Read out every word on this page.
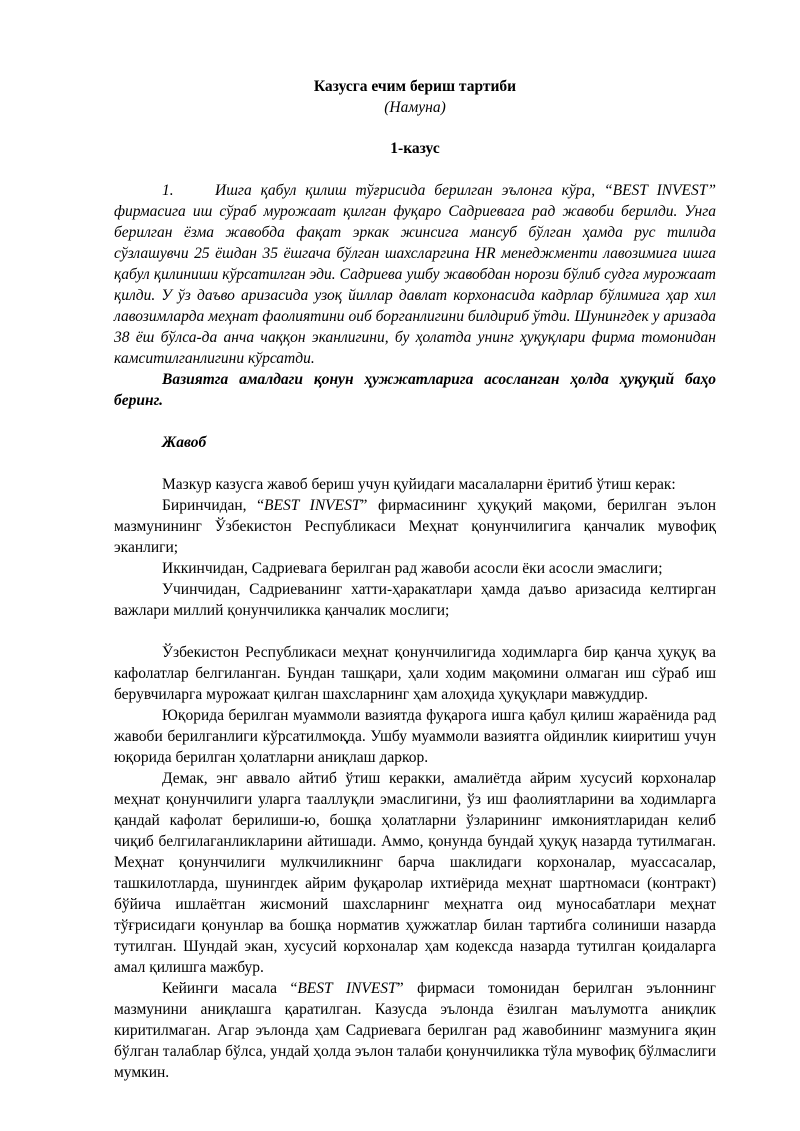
Казусга ечим бериш тартиби
(Намуна)
1-казус

1.	Ишга қабул қилиш тўғрисида берилган эълонга кўра, “BEST INVEST” фирмасига иш сўраб мурожаат қилган фуқаро Садриевага рад жавоби берилди. Унга берилган ёзма жавобда фақат эркак жинсига мансуб бўлган ҳамда рус тилида сўзлашувчи 25 ёшдан 35 ёшгача бўлган шахсларгина HR менеджменти лавозимига ишга қабул қилиниши кўрсатилган эди. Садриева ушбу жавобдан норози бўлиб судга мурожаат қилди. У ўз даъво аризасида узоқ йиллар давлат корхонасида кадрлар бўлимига ҳар хил лавозимларда меҳнат фаолиятини оиб борганлигини билдириб ўтди. Шунингдек у аризада 38 ёш бўлса-да анча чаққон эканлигини, бу ҳолатда унинг ҳуқуқлари фирма томонидан камситилганлигини кўрсатди.

Вазиятга амалдаги қонун ҳужжатларига асосланган ҳолда ҳуқуқий баҳо беринг.

Жавоб

Мазкур казусга жавоб бериш учун қуйидаги масалаларни ёритиб ўтиш керак:

Биринчидан, “BEST INVEST” фирмасининг ҳуқуқий мақоми, берилган эълон мазмунининг Ўзбекистон Республикаси Меҳнат қонунчилигига қанчалик мувофиқ эканлиги;

Иккинчидан, Садриевага берилган рад жавоби асосли ёки асосли эмаслиги;

Учинчидан, Садриеванинг хатти-ҳаракатлари ҳамда даъво аризасида келтирган важлари миллий қонунчиликка қанчалик мослиги;

Ўзбекистон Республикаси меҳнат қонунчилигида ходимларга бир қанча ҳуқуқ ва кафолатлар белгиланган. Бундан ташқари, ҳали ходим мақомини олмаган иш сўраб иш берувчиларга мурожаат қилган шахсларнинг ҳам алоҳида ҳуқуқлари мавжуддир.

Юқорида берилган муаммоли вазиятда фуқарога ишга қабул қилиш жараёнида рад жавоби берилганлиги кўрсатилмоқда. Ушбу муаммоли вазиятга ойдинлик кииритиш учун юқорида берилган ҳолатларни аниқлаш даркор.

Демак, энг аввало айтиб ўтиш керакки, амалиётда айрим хусусий корхоналар меҳнат қонунчилиги уларга тааллуқли эмаслигини, ўз иш фаолиятларини ва ходимларга қандай кафолат берилиши-ю, бошқа ҳолатларни ўзларининг имкониятларидан келиб чиқиб белгилаганликларини айтишади. Аммо, қонунда бундай ҳуқуқ назарда тутилмаган. Меҳнат қонунчилиги мулкчиликнинг барча шаклидаги корхоналар, муассасалар, ташкилотларда, шунингдек айрим фуқаролар ихтиёрида меҳнат шартномаси (контракт) бўйича ишлаётган жисмоний шахсларнинг меҳнатга оид муносабатлари меҳнат тўғрисидаги қонунлар ва бошқа норматив ҳужжатлар билан тартибга солиниши назарда тутилган. Шундай экан, хусусий корхоналар ҳам кодексда назарда тутилган қоидаларга амал қилишга мажбур.

Кейинги масала “BEST INVEST” фирмаси томонидан берилган эълоннинг мазмунини аниқлашга қаратилган. Казусда эълонда ёзилган маълумотга аниқлик киритилмаган. Агар эълонда ҳам Садриевага берилган рад жавобининг мазмунига яқин бўлган талаблар бўлса, ундай ҳолда эълон талаби қонунчиликка тўла мувофиқ бўлмаслиги мумкин.
